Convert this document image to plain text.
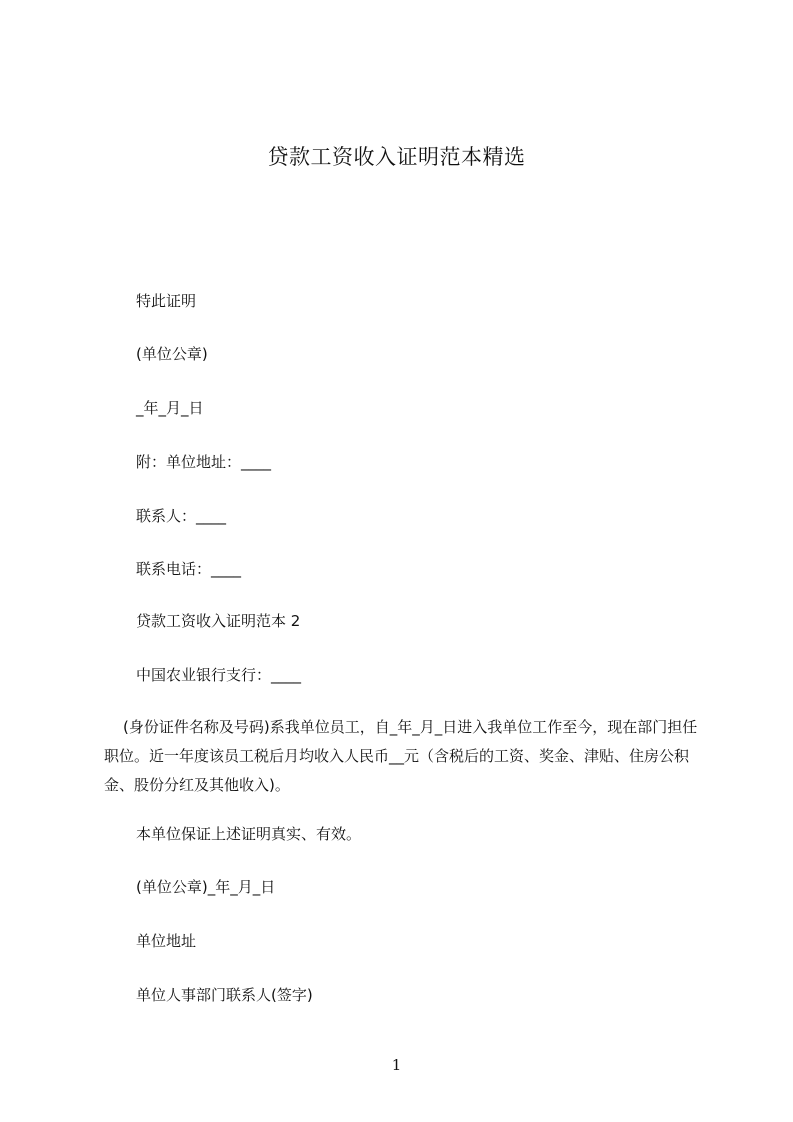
贷款工资收入证明范本精选
特此证明
(单位公章)
_年_月_日
附：单位地址：____
联系人：____
联系电话：____
贷款工资收入证明范本 2
中国农业银行支行：____
(身份证件名称及号码)系我单位员工，自_年_月_日进入我单位工作至今，现在部门担任职位。近一年度该员工税后月均收入人民币__元（含税后的工资、奖金、津贴、住房公积金、股份分红及其他收入)。
本单位保证上述证明真实、有效。
(单位公章)_年_月_日
单位地址
单位人事部门联系人(签字)
1
